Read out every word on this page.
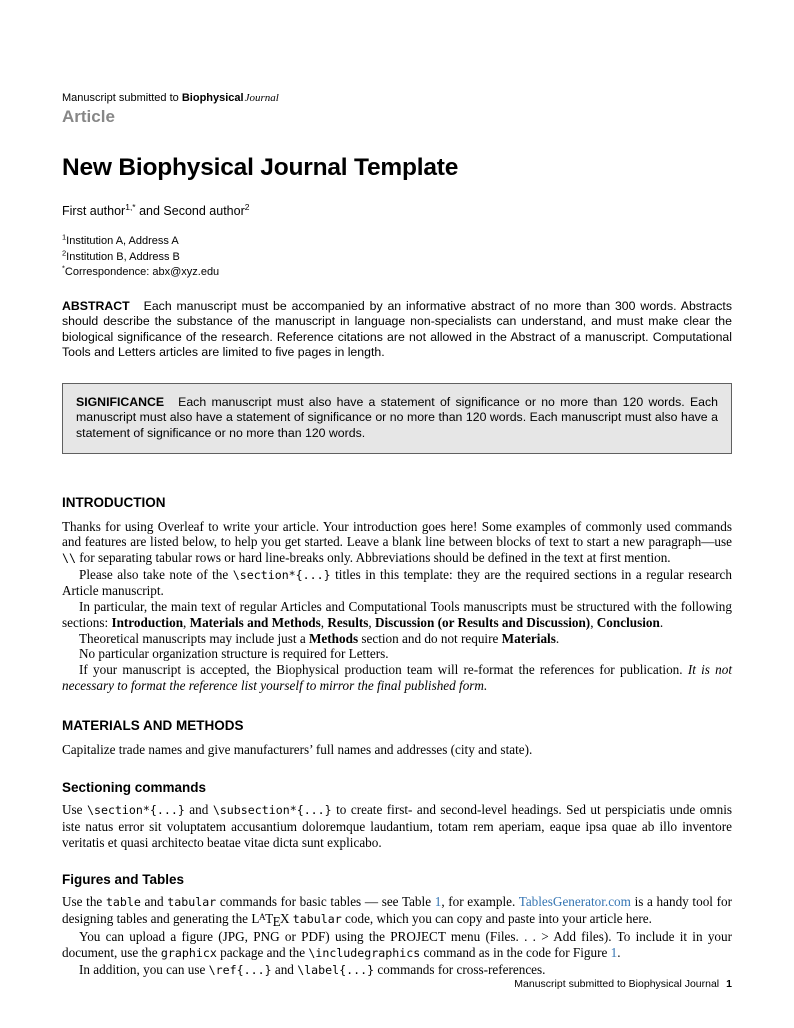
Manuscript submitted to BiophysicalJournal
Article
New Biophysical Journal Template
First author$^{1,*}$ and Second author$^2$
$^1$Institution A, Address A
$^2$Institution B, Address B
*Correspondence: abx@xyz.edu

ABSTRACT Each manuscript must be accompanied by an informative abstract of no more than 300 words. Abstracts should describe the substance of the manuscript in language non-specialists can understand, and must make clear the biological significance of the research. Reference citations are not allowed in the Abstract of a manuscript. Computational Tools and Letters articles are limited to five pages in length.

SIGNIFICANCE Each manuscript must also have a statement of significance or no more than 120 words. Each manuscript must also have a statement of significance or no more than 120 words. Each manuscript must also have a statement of significance or no more than 120 words.

INTRODUCTION

Thanks for using Overleaf to write your article. Your introduction goes here! Some examples of commonly used commands and features are listed below, to help you get started. Leave a blank line between blocks of text to start a new paragraph—use \\ for separating tabular rows or hard line-breaks only. Abbreviations should be defined in the text at first mention.

Please also take note of the \section*{...} titles in this template: they are the required sections in a regular research Article manuscript.

In particular, the main text of regular Articles and Computational Tools manuscripts must be structured with the following sections: Introduction, Materials and Methods, Results, Discussion (or Results and Discussion), Conclusion.

Theoretical manuscripts may include just a Methods section and do not require Materials.

No particular organization structure is required for Letters.

If your manuscript is accepted, the Biophysical production team will re-format the references for publication. It is not necessary to format the reference list yourself to mirror the final published form.

MATERIALS AND METHODS

Capitalize trade names and give manufacturers’ full names and addresses (city and state).

Sectioning commands

Use \section*{...} and \subsection*{...} to create first- and second-level headings. Sed ut perspiciatis unde omnis iste natus error sit voluptatem accusantium doloremque laudantium, totam rem aperiam, eaque ipsa quae ab illo inventore veritatis et quasi architecto beatae vitae dicta sunt explicabo.

Figures and Tables

Use the table and tabular commands for basic tables — see Table 1, for example. TablesGenerator.com is a handy tool for designing tables and generating the $L^ATEX$ tabular code, which you can copy and paste into your article here.

You can upload a figure (JPG, PNG or PDF) using the PROJECT menu (Files. . . > Add files). To include it in your document, use the graphicx package and the \includegraphics command as in the code for Figure 1.

In addition, you can use \ref{...} and \label{...} commands for cross-references.

Manuscript submitted to Biophysical Journal 1
